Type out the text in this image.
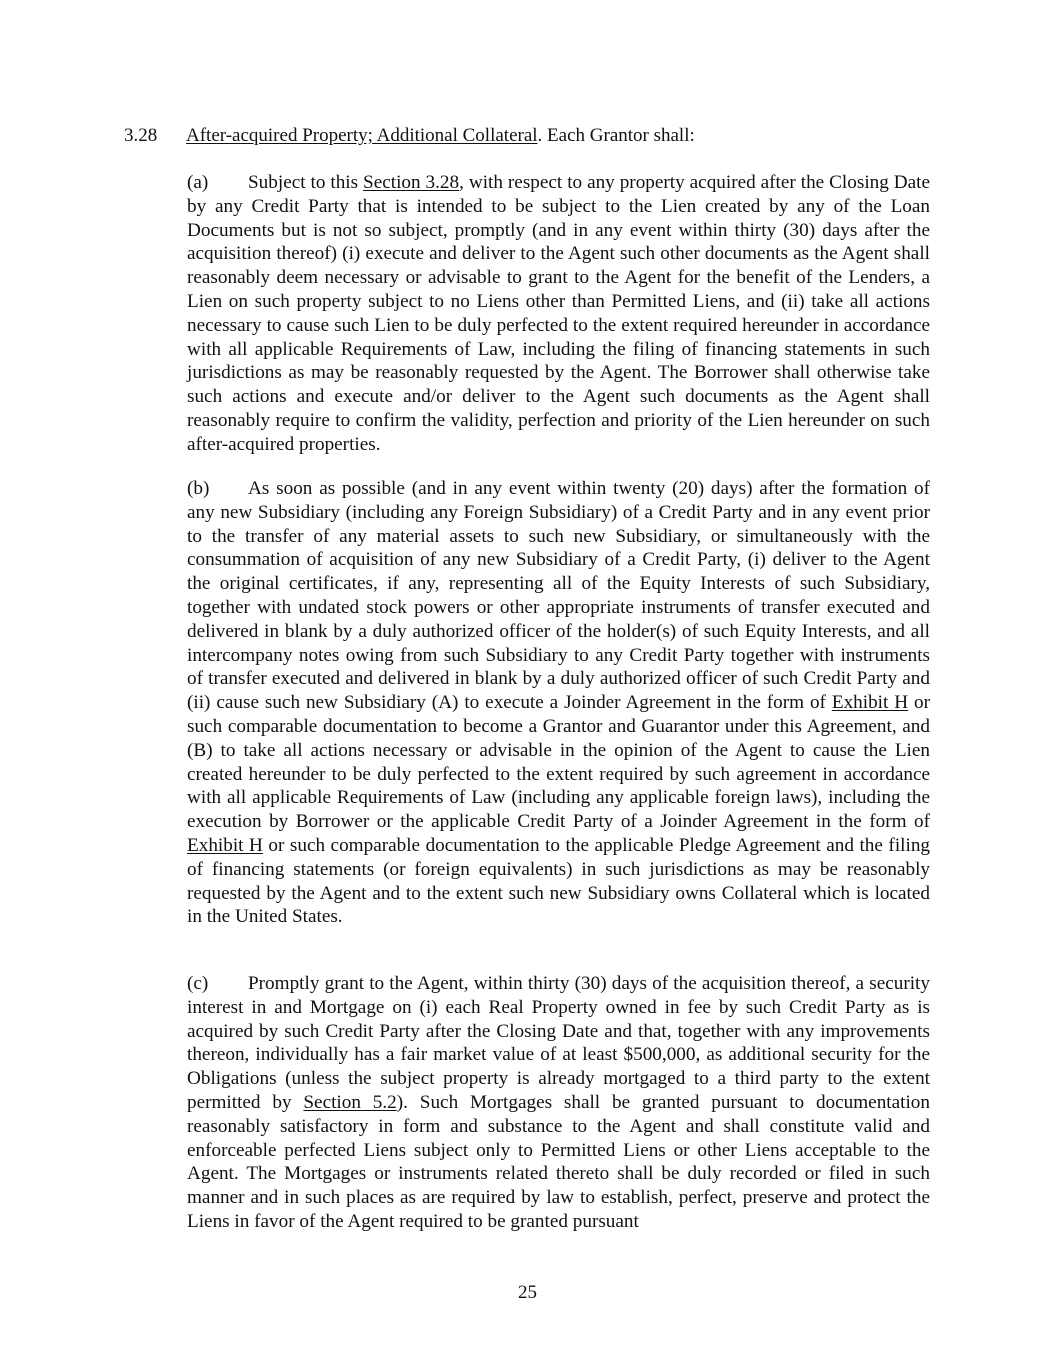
3.28 After-acquired Property; Additional Collateral. Each Grantor shall:

(a) Subject to this Section 3.28, with respect to any property acquired after the Closing Date by any Credit Party that is intended to be subject to the Lien created by any of the Loan Documents but is not so subject, promptly (and in any event within thirty (30) days after the acquisition thereof) (i) execute and deliver to the Agent such other documents as the Agent shall reasonably deem necessary or advisable to grant to the Agent for the benefit of the Lenders, a Lien on such property subject to no Liens other than Permitted Liens, and (ii) take all actions necessary to cause such Lien to be duly perfected to the extent required hereunder in accordance with all applicable Requirements of Law, including the filing of financing statements in such jurisdictions as may be reasonably requested by the Agent. The Borrower shall otherwise take such actions and execute and/or deliver to the Agent such documents as the Agent shall reasonably require to confirm the validity, perfection and priority of the Lien hereunder on such after-acquired properties.

(b) As soon as possible (and in any event within twenty (20) days) after the formation of any new Subsidiary (including any Foreign Subsidiary) of a Credit Party and in any event prior to the transfer of any material assets to such new Subsidiary, or simultaneously with the consummation of acquisition of any new Subsidiary of a Credit Party, (i) deliver to the Agent the original certificates, if any, representing all of the Equity Interests of such Subsidiary, together with undated stock powers or other appropriate instruments of transfer executed and delivered in blank by a duly authorized officer of the holder(s) of such Equity Interests, and all intercompany notes owing from such Subsidiary to any Credit Party together with instruments of transfer executed and delivered in blank by a duly authorized officer of such Credit Party and (ii) cause such new Subsidiary (A) to execute a Joinder Agreement in the form of Exhibit H or such comparable documentation to become a Grantor and Guarantor under this Agreement, and (B) to take all actions necessary or advisable in the opinion of the Agent to cause the Lien created hereunder to be duly perfected to the extent required by such agreement in accordance with all applicable Requirements of Law (including any applicable foreign laws), including the execution by Borrower or the applicable Credit Party of a Joinder Agreement in the form of Exhibit H or such comparable documentation to the applicable Pledge Agreement and the filing of financing statements (or foreign equivalents) in such jurisdictions as may be reasonably requested by the Agent and to the extent such new Subsidiary owns Collateral which is located in the United States.

(c) Promptly grant to the Agent, within thirty (30) days of the acquisition thereof, a security interest in and Mortgage on (i) each Real Property owned in fee by such Credit Party as is acquired by such Credit Party after the Closing Date and that, together with any improvements thereon, individually has a fair market value of at least $500,000, as additional security for the Obligations (unless the subject property is already mortgaged to a third party to the extent permitted by Section 5.2). Such Mortgages shall be granted pursuant to documentation reasonably satisfactory in form and substance to the Agent and shall constitute valid and enforceable perfected Liens subject only to Permitted Liens or other Liens acceptable to the Agent. The Mortgages or instruments related thereto shall be duly recorded or filed in such manner and in such places as are required by law to establish, perfect, preserve and protect the Liens in favor of the Agent required to be granted pursuant

25
